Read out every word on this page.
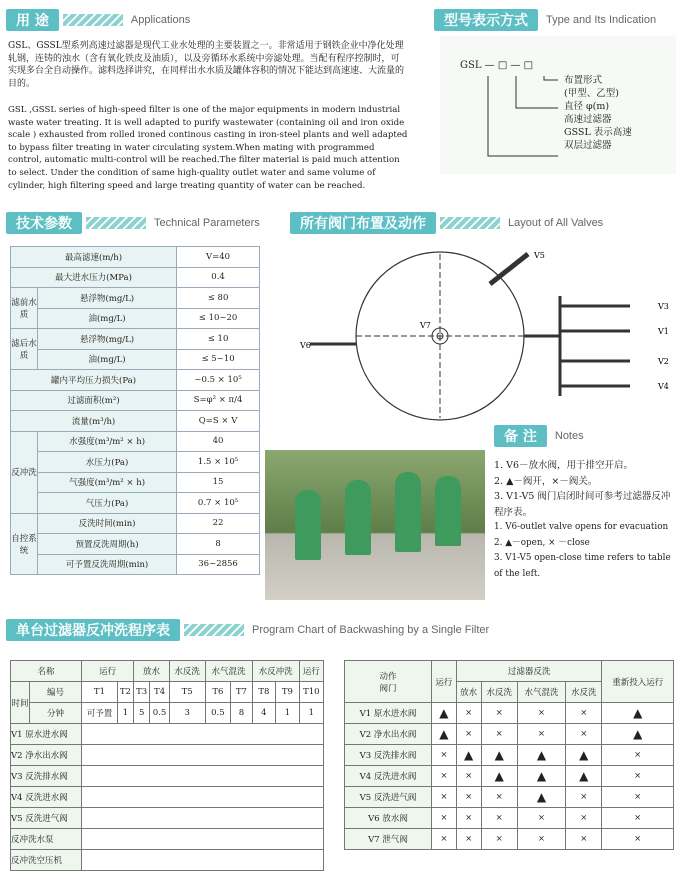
用 途	Applications
GSL、GSSL型系列高速过滤器是现代工业水处理的主要装置之一。非常适用于钢铁企业中净化处理轧钢，连铸的浊水（含有氧化铁皮及油质），以及旁循环水系统中旁滤处理。当配有程序控制时，可实现多台全自动操作。滤料选择讲究，在同样出水水质及罐体容积的情况下能达到高速速、大流量的目的。
GSL ,GSSL series of high-speed filter is one of the major equipments in modern industrial waste water treating. It is well adapted to purify wastewater (containing oil and iron oxide scale ) exhausted from rolled ironed continous casting in iron-steel plants and well adapted to bypass filter treating in water circulating system.When mating with programmed control, automatic multi-control will be reached.The filter material is paid much attention to select. Under the condition of same high-quality outlet water and same volume of cylinder, high filtering speed and large treating quantity of water can be reached.
型号表示方式	Type and Its Indication
GSL — □ — □
布置形式
(甲型、乙型)
直径 φ(m)
高速过滤器
GSSL 表示高速
双层过滤器
技术参数	Technical Parameters
最高滤速(m/h)		V=40
最大进水压力(MPa)		0.4
滤前水质	悬浮物(mg/L)	≤ 80
	油(mg/L)	≤ 10~20
滤后水质	悬浮物(mg/L)	≤ 10
	油(mg/L)	≤ 5~10
罐内平均压力损失(Pa)		~0.5 × 10⁵
过滤面积(m²)		S=φ² × π/4
流量(m³/h)		Q=S × V
反冲洗	水强度(m³/m² × h)	40
	水压力(Pa)	1.5 × 10⁵
	气强度(m³/m² × h)	15
	气压力(Pa)	0.7 × 10⁵
自控系统	反洗时间(min)	22
	预置反洗周期(h)	8
	可予置反洗周期(min)	36~2856
所有阀门布置及动作	Layout of All Valves
V5
V3
V1
V2
V4
V7
V6
备 注	Notes
1. V6－放水阀，用于排空开启。
2. ▲－阀开，×－阀关。
3. V1-V5 阀门启闭时间可参考过滤器反冲程序表。
1. V6-outlet valve opens for evacuation
2. ▲－open, × －close
3. V1-V5 open-close time refers to table of the left.
单台过滤器反冲洗程序表	Program Chart of Backwashing by a Single Filter
名称		运行		放水		水反洗	水气混洗		水反冲洗		运行
时间	编号	T1	T2	T3	T4	T5	T6	T7	T8	T9	T10
	分钟	可予置	1	5	0.5	3	0.5	8	4	1	1
V1 原水进水阀											
V2 净水出水阀											
V3 反洗排水阀											
V4 反洗进水阀											
V5 反洗进气阀											
反冲洗水泵											
反冲洗空压机											
动作
阀门	运行	过滤器反洗				重新投入运行
		放水	水反洗	水气混洗	水反洗	
V1 原水进水阀	▲	×	×	×	×	▲
V2 净水出水阀	▲	×	×	×	×	▲
V3 反洗排水阀	×	▲	▲	▲	▲	×
V4 反洗进水阀	×	×	▲	▲	▲	×
V5 反洗进气阀	×	×	×	▲	×	×
V6 放水阀	×	×	×	×	×	×
V7 泄气阀	×	×	×	×	×	×
